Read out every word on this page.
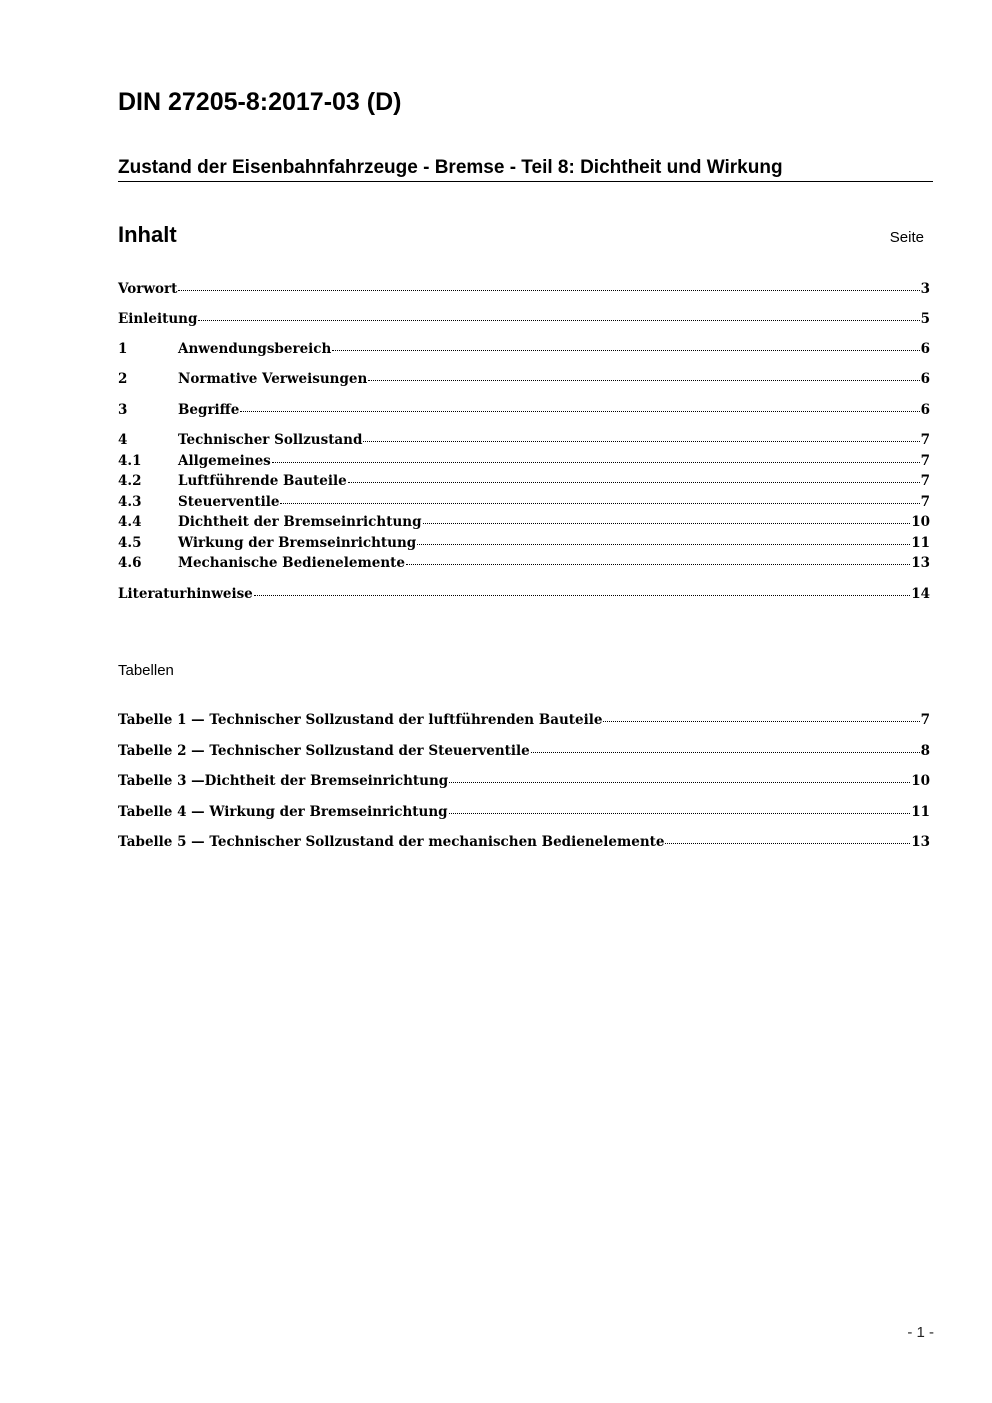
DIN 27205-8:2017-03 (D)
Zustand der Eisenbahnfahrzeuge - Bremse - Teil 8: Dichtheit und Wirkung
Inhalt	Seite
Vorwort	3
Einleitung	5
1	Anwendungsbereich	6
2	Normative Verweisungen	6
3	Begriffe	6
4	Technischer Sollzustand	7
4.1	Allgemeines	7
4.2	Luftführende Bauteile	7
4.3	Steuerventile	7
4.4	Dichtheit der Bremseinrichtung	10
4.5	Wirkung der Bremseinrichtung	11
4.6	Mechanische Bedienelemente	13
Literaturhinweise	14
Tabellen
Tabelle 1 — Technischer Sollzustand der luftführenden Bauteile	7
Tabelle 2 — Technischer Sollzustand der Steuerventile	8
Tabelle 3 —Dichtheit der Bremseinrichtung	10
Tabelle 4 — Wirkung der Bremseinrichtung	11
Tabelle 5 — Technischer Sollzustand der mechanischen Bedienelemente	13
- 1 -
